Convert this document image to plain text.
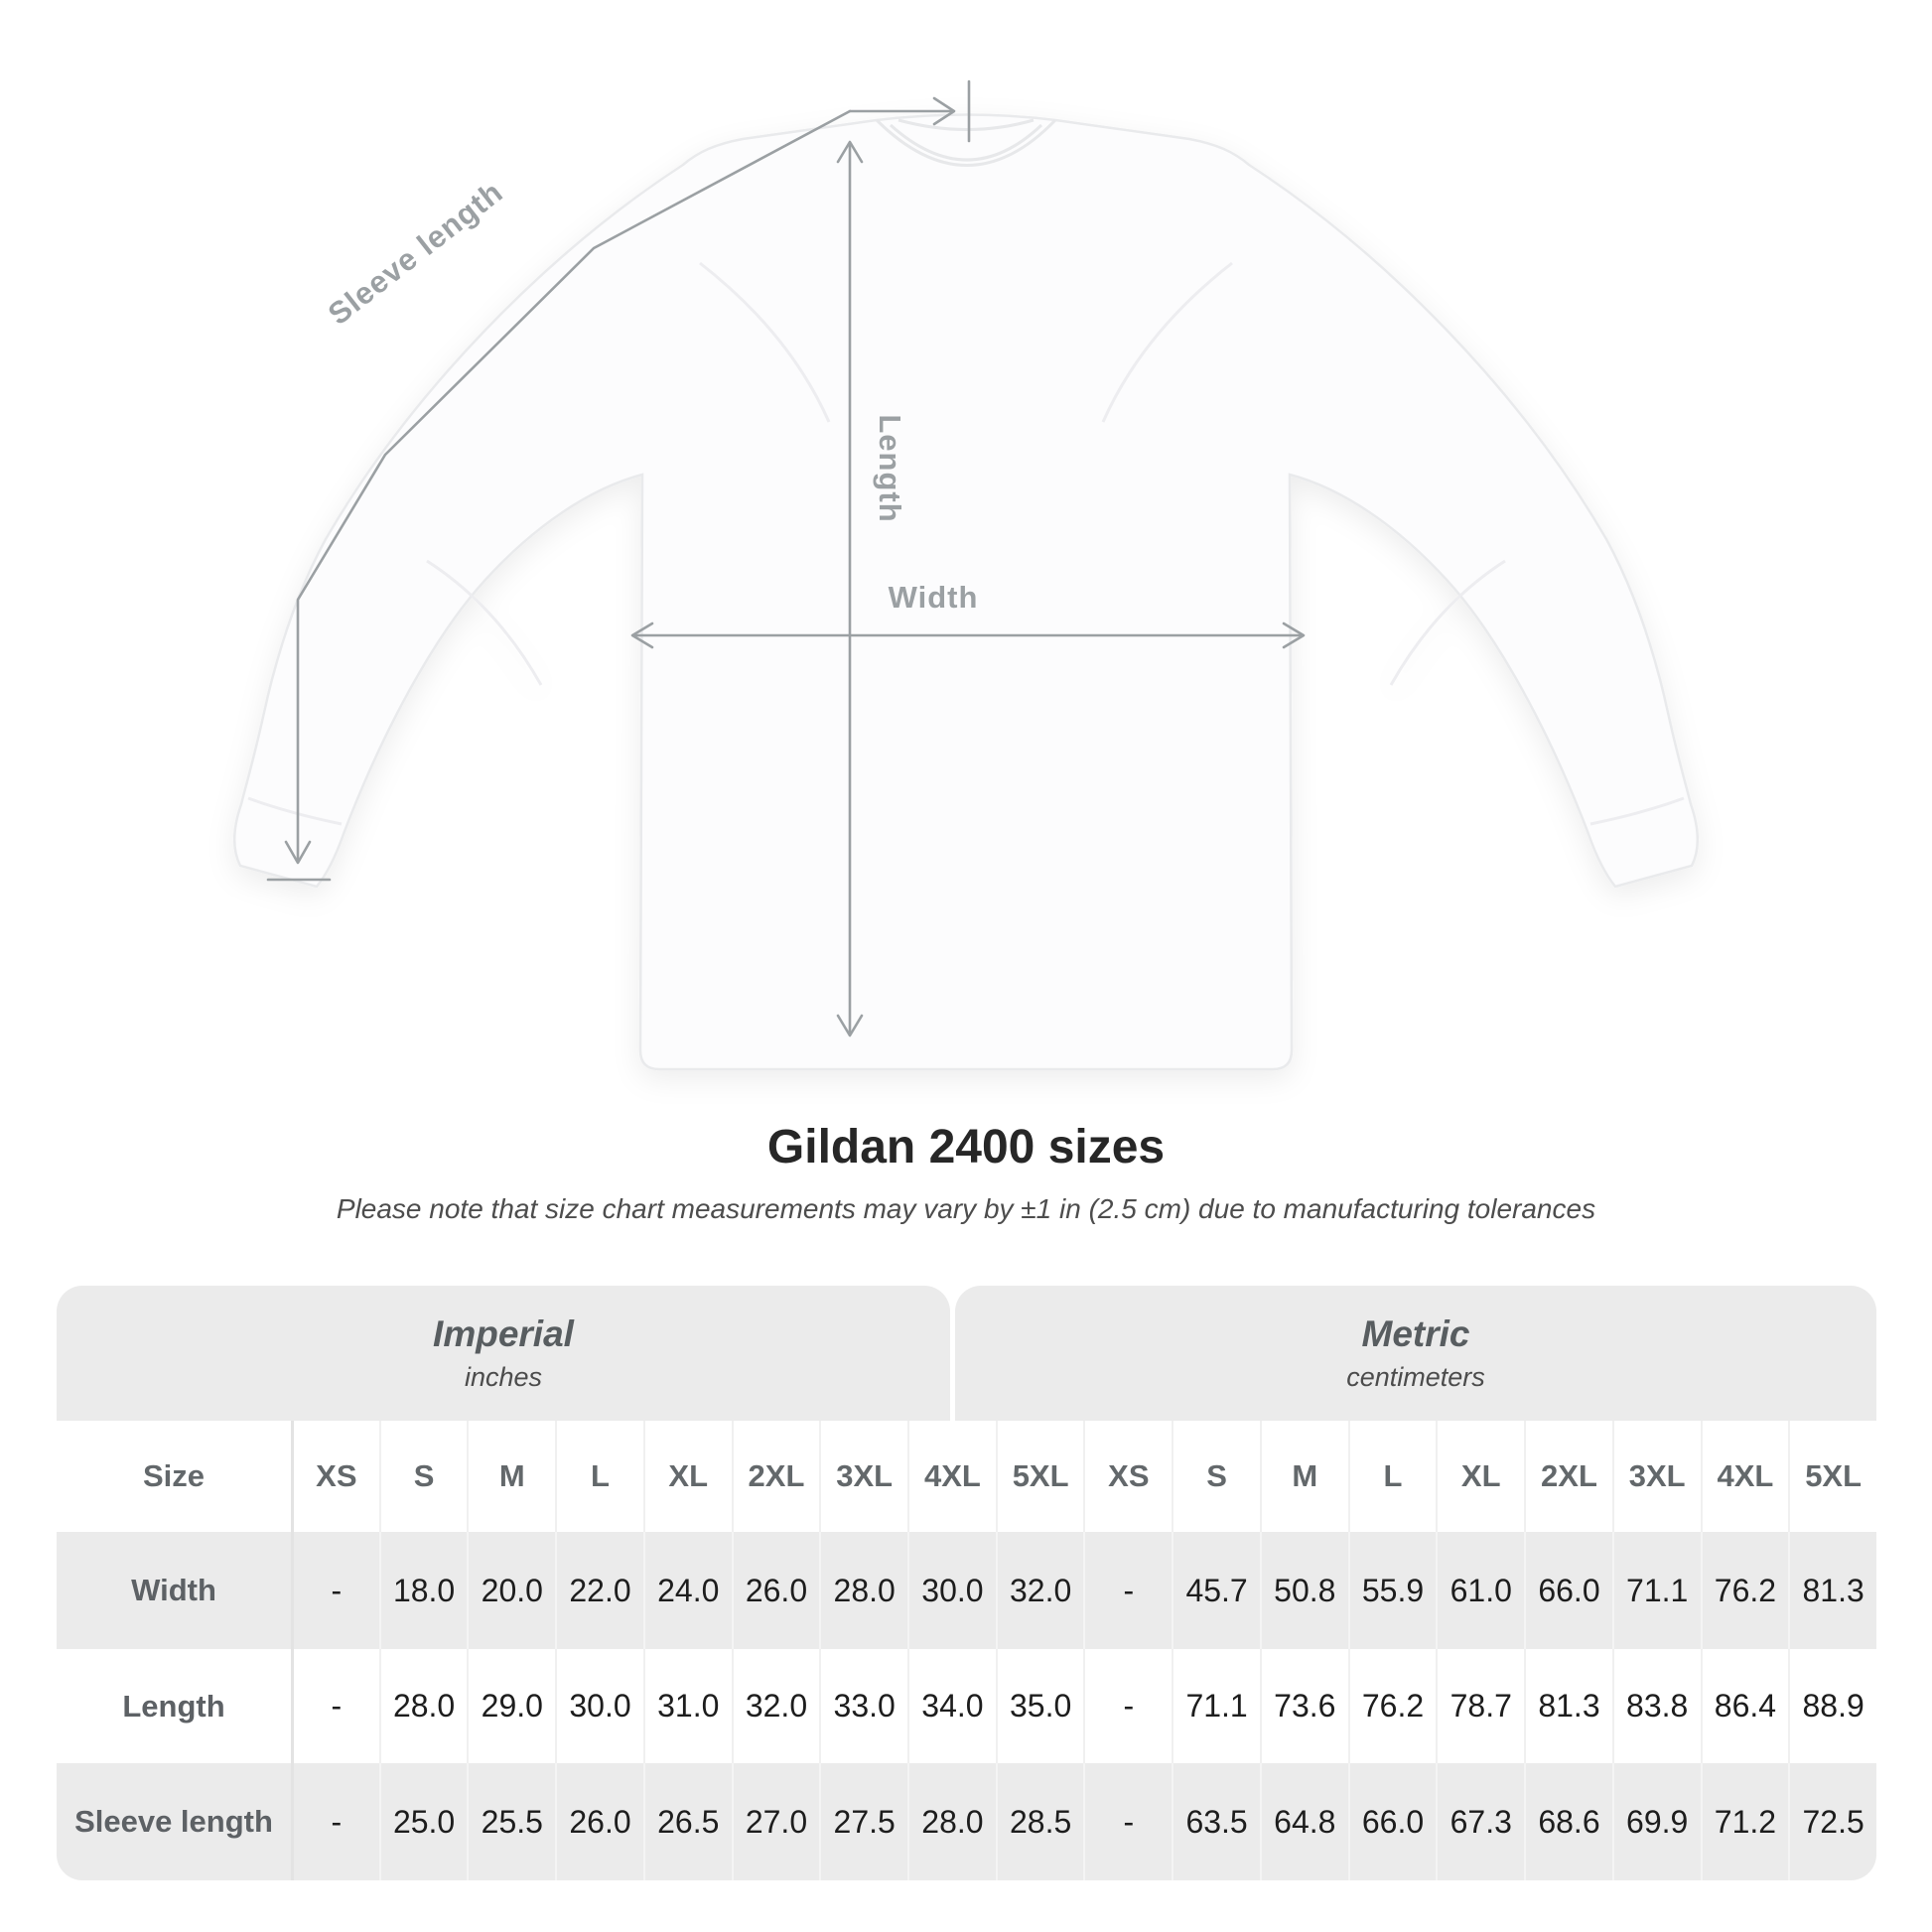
Sleeve length
Length
Width
Gildan 2400 sizes

Please note that size chart measurements may vary by ±1 in (2.5 cm) due to manufacturing tolerances

Imperial
inches
Metric
centimeters
Size	XS	S	M	L	XL	2XL	3XL	4XL	5XL	XS	S	M	L	XL	2XL	3XL	4XL	5XL
Width	-	18.0 20.0 22.0 24.0 26.0 28.0 30.0 32.0	-	45.7 50.8 55.9 61.0 66.0 71.1 76.2 81.3
Length	-	28.0 29.0 30.0 31.0 32.0 33.0 34.0 35.0	-	71.1 73.6 76.2 78.7 81.3 83.8 86.4 88.9
Sleeve length	-	25.0 25.5 26.0 26.5 27.0 27.5 28.0 28.5	-	63.5 64.8 66.0 67.3 68.6 69.9 71.2 72.5
